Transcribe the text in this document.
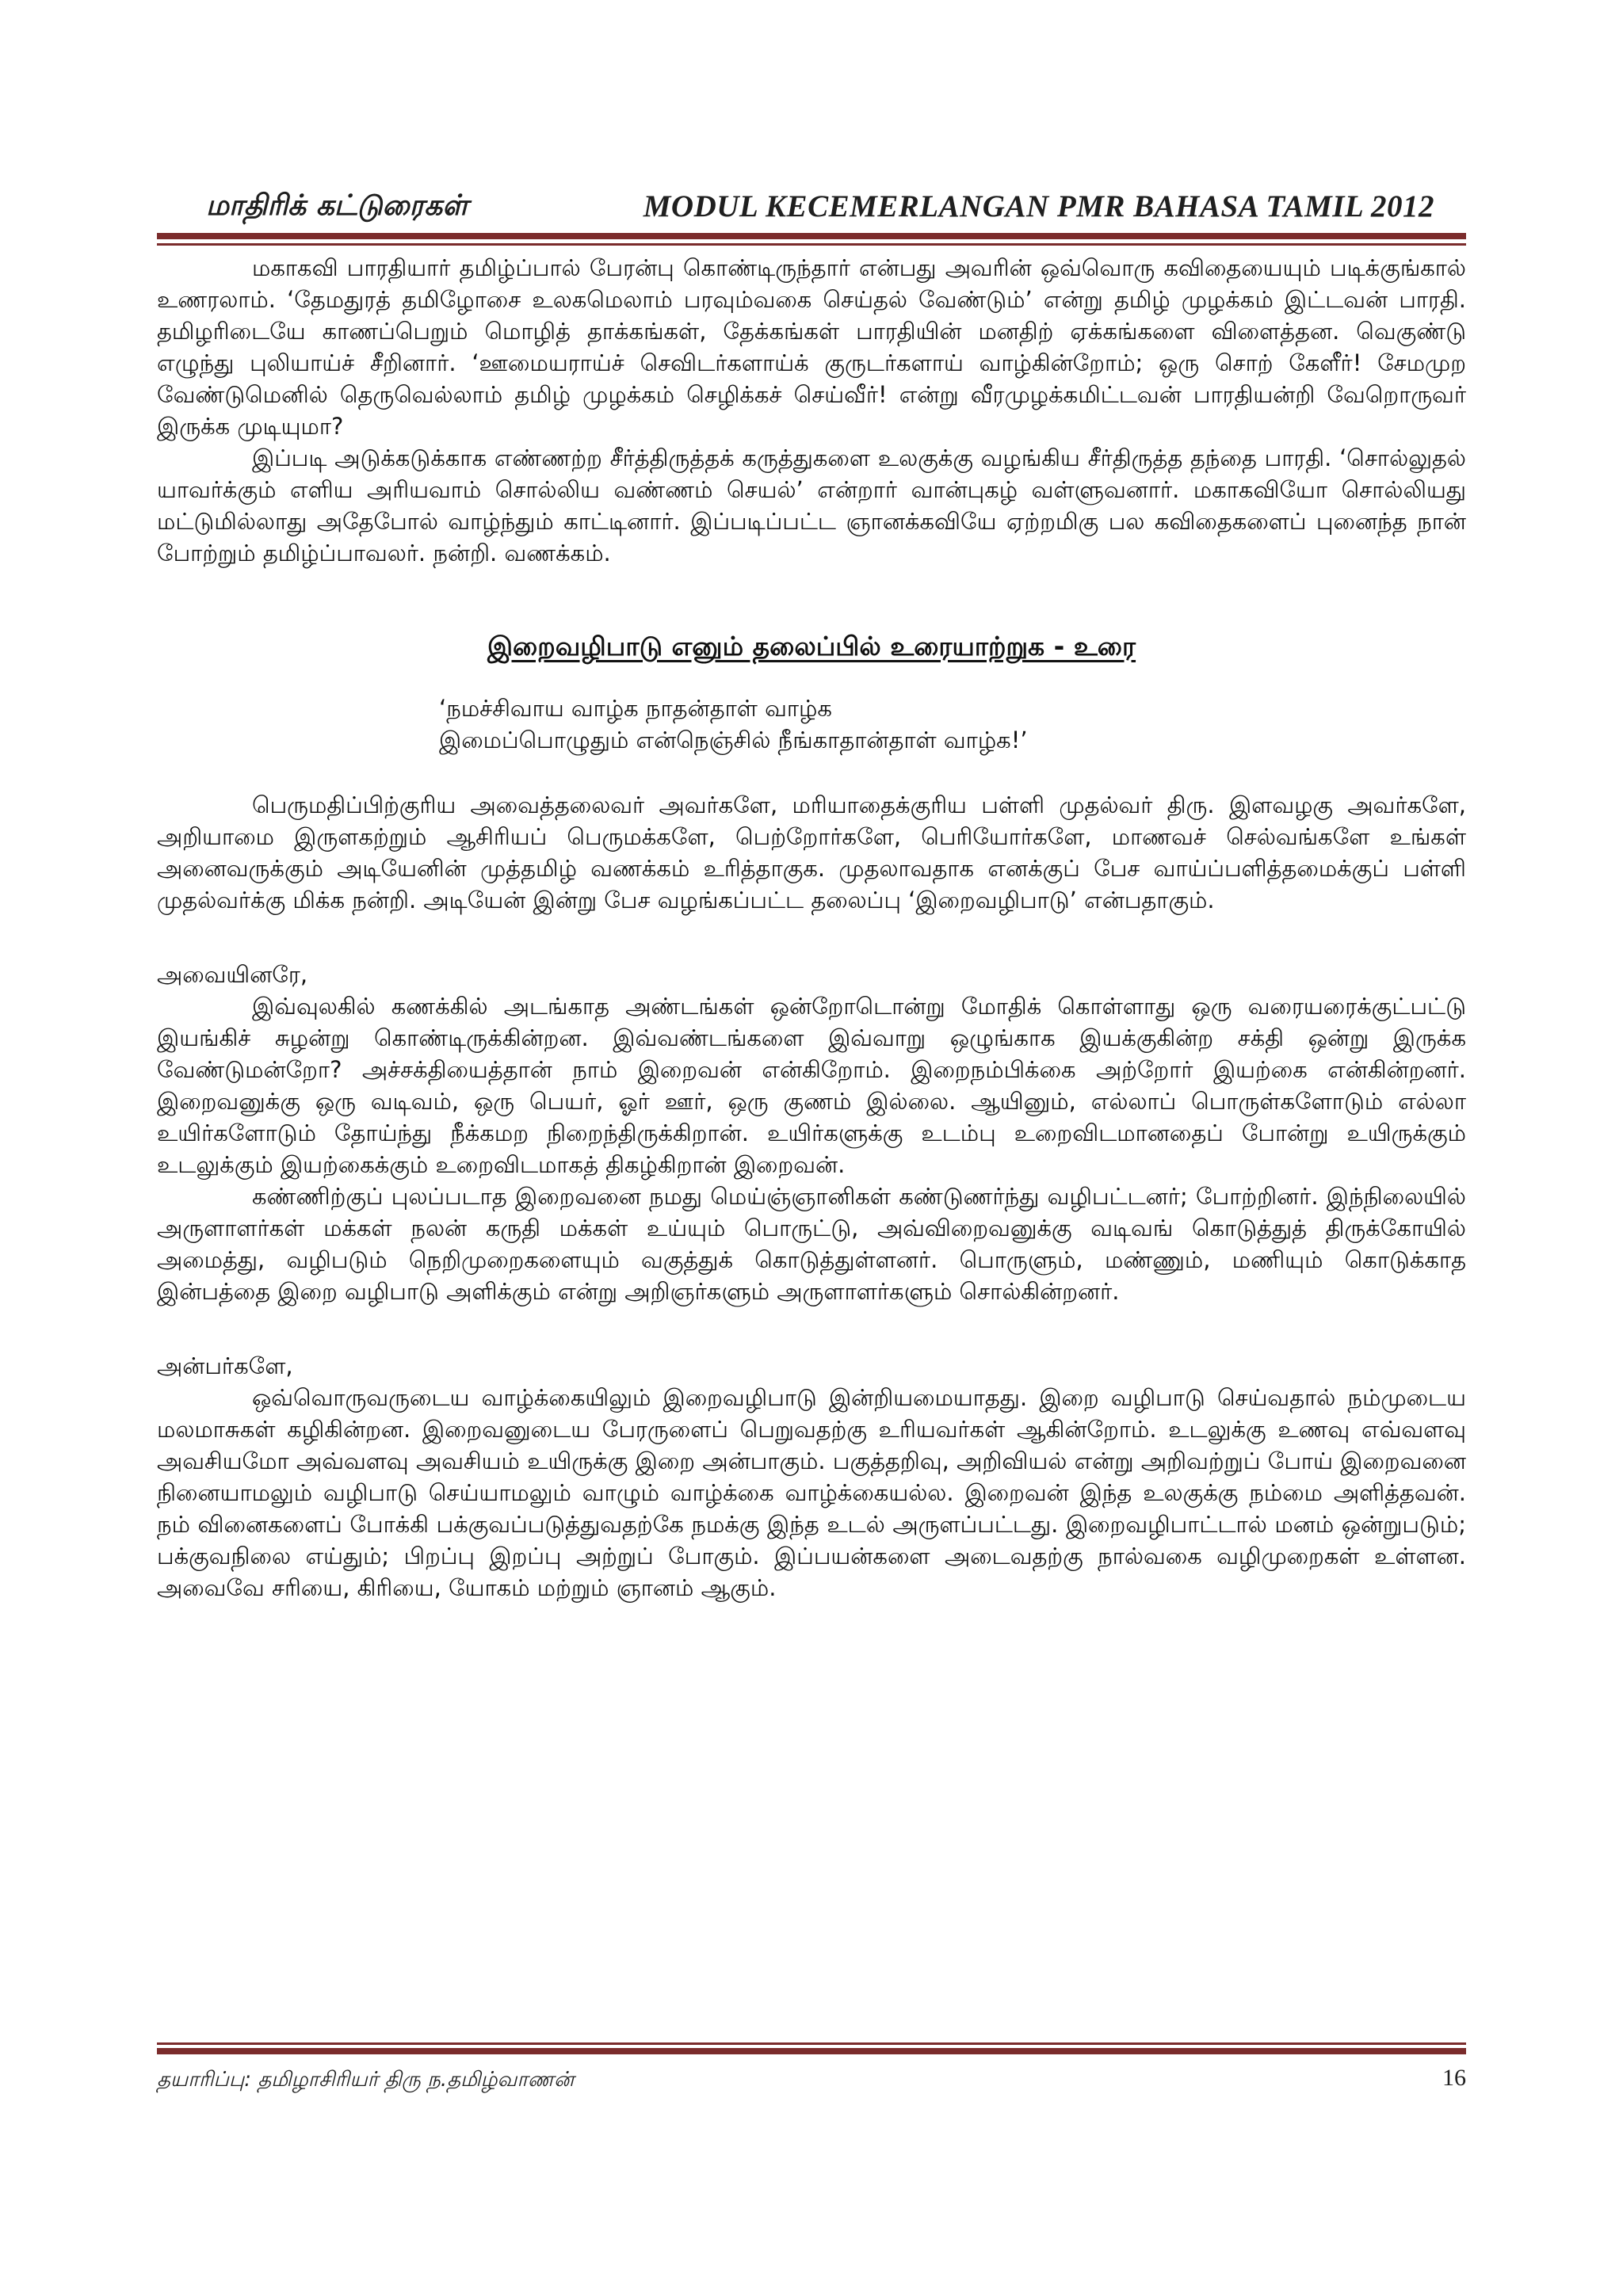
மாதிரிக் கட்டுரைகள்	MODUL KECEMERLANGAN PMR BAHASA TAMIL 2012

மகாகவி பாரதியார் தமிழ்ப்பால் பேரன்பு கொண்டிருந்தார் என்பது அவரின் ஒவ்வொரு கவிதையையும் படிக்குங்கால் உணரலாம். ‘தேமதுரத் தமிழோசை உலகமெலாம் பரவும்வகை செய்தல் வேண்டும்’ என்று தமிழ் முழக்கம் இட்டவன் பாரதி. தமிழரிடையே காணப்பெறும் மொழித் தாக்கங்கள், தேக்கங்கள் பாரதியின் மனதிற் ஏக்கங்களை விளைத்தன. வெகுண்டு எழுந்து புலியாய்ச் சீறினார். ‘ஊமையராய்ச் செவிடர்களாய்க் குருடர்களாய் வாழ்கின்றோம்; ஒரு சொற் கேளீர்! சேமமுற வேண்டுமெனில் தெருவெல்லாம் தமிழ் முழக்கம் செழிக்கச் செய்வீர்! என்று வீரமுழக்கமிட்டவன் பாரதியன்றி வேறொருவர் இருக்க முடியுமா?

இப்படி அடுக்கடுக்காக எண்ணற்ற சீர்த்திருத்தக் கருத்துகளை உலகுக்கு வழங்கிய சீர்திருத்த தந்தை பாரதி. ‘சொல்லுதல் யாவர்க்கும் எளிய அரியவாம் சொல்லிய வண்ணம் செயல்’ என்றார் வான்புகழ் வள்ளுவனார். மகாகவியோ சொல்லியது மட்டுமில்லாது அதேபோல் வாழ்ந்தும் காட்டினார். இப்படிப்பட்ட ஞானக்கவியே ஏற்றமிகு பல கவிதைகளைப் புனைந்த நான் போற்றும் தமிழ்ப்பாவலர். நன்றி. வணக்கம்.

இறைவழிபாடு எனும் தலைப்பில் உரையாற்றுக - உரை
‘நமச்சிவாய வாழ்க நாதன்தாள் வாழ்க
இமைப்பொழுதும் என்நெஞ்சில் நீங்காதான்தாள் வாழ்க!’

பெருமதிப்பிற்குரிய அவைத்தலைவர் அவர்களே, மரியாதைக்குரிய பள்ளி முதல்வர் திரு. இளவழகு அவர்களே, அறியாமை இருளகற்றும் ஆசிரியப் பெருமக்களே, பெற்றோர்களே, பெரியோர்களே, மாணவச் செல்வங்களே உங்கள் அனைவருக்கும் அடியேனின் முத்தமிழ் வணக்கம் உரித்தாகுக. முதலாவதாக எனக்குப் பேச வாய்ப்பளித்தமைக்குப் பள்ளி முதல்வர்க்கு மிக்க நன்றி. அடியேன் இன்று பேச வழங்கப்பட்ட தலைப்பு ‘இறைவழிபாடு’ என்பதாகும்.

அவையினரே,

இவ்வுலகில் கணக்கில் அடங்காத அண்டங்கள் ஒன்றோடொன்று மோதிக் கொள்ளாது ஒரு வரையரைக்குட்பட்டு இயங்கிச் சுழன்று கொண்டிருக்கின்றன. இவ்வண்டங்களை இவ்வாறு ஒழுங்காக இயக்குகின்ற சக்தி ஒன்று இருக்க வேண்டுமன்றோ? அச்சக்தியைத்தான் நாம் இறைவன் என்கிறோம். இறைநம்பிக்கை அற்றோர் இயற்கை என்கின்றனர். இறைவனுக்கு ஒரு வடிவம், ஒரு பெயர், ஓர் ஊர், ஒரு குணம் இல்லை. ஆயினும், எல்லாப் பொருள்களோடும் எல்லா உயிர்களோடும் தோய்ந்து நீக்கமற நிறைந்திருக்கிறான். உயிர்களுக்கு உடம்பு உறைவிடமானதைப் போன்று உயிருக்கும் உடலுக்கும் இயற்கைக்கும் உறைவிடமாகத் திகழ்கிறான் இறைவன்.

கண்ணிற்குப் புலப்படாத இறைவனை நமது மெய்ஞ்ஞானிகள் கண்டுணர்ந்து வழிபட்டனர்; போற்றினர். இந்நிலையில் அருளாளர்கள் மக்கள் நலன் கருதி மக்கள் உய்யும் பொருட்டு, அவ்விறைவனுக்கு வடிவங் கொடுத்துத் திருக்கோயில் அமைத்து, வழிபடும் நெறிமுறைகளையும் வகுத்துக் கொடுத்துள்ளனர். பொருளும், மண்ணும், மணியும் கொடுக்காத இன்பத்தை இறை வழிபாடு அளிக்கும் என்று அறிஞர்களும் அருளாளர்களும் சொல்கின்றனர்.

அன்பர்களே,

ஒவ்வொருவருடைய வாழ்க்கையிலும் இறைவழிபாடு இன்றியமையாதது. இறை வழிபாடு செய்வதால் நம்முடைய மலமாசுகள் கழிகின்றன. இறைவனுடைய பேரருளைப் பெறுவதற்கு உரியவர்கள் ஆகின்றோம். உடலுக்கு உணவு எவ்வளவு அவசியமோ அவ்வளவு அவசியம் உயிருக்கு இறை அன்பாகும். பகுத்தறிவு, அறிவியல் என்று அறிவற்றுப் போய் இறைவனை நினையாமலும் வழிபாடு செய்யாமலும் வாழும் வாழ்க்கை வாழ்க்கையல்ல. இறைவன் இந்த உலகுக்கு நம்மை அளித்தவன். நம் வினைகளைப் போக்கி பக்குவப்படுத்துவதற்கே நமக்கு இந்த உடல் அருளப்பட்டது. இறைவழிபாட்டால் மனம் ஒன்றுபடும்; பக்குவநிலை எய்தும்; பிறப்பு இறப்பு அற்றுப் போகும். இப்பயன்களை அடைவதற்கு நால்வகை வழிமுறைகள் உள்ளன. அவைவே சரியை, கிரியை, யோகம் மற்றும் ஞானம் ஆகும்.

தயாரிப்பு: தமிழாசிரியர் திரு ந.தமிழ்வாணன்	16
